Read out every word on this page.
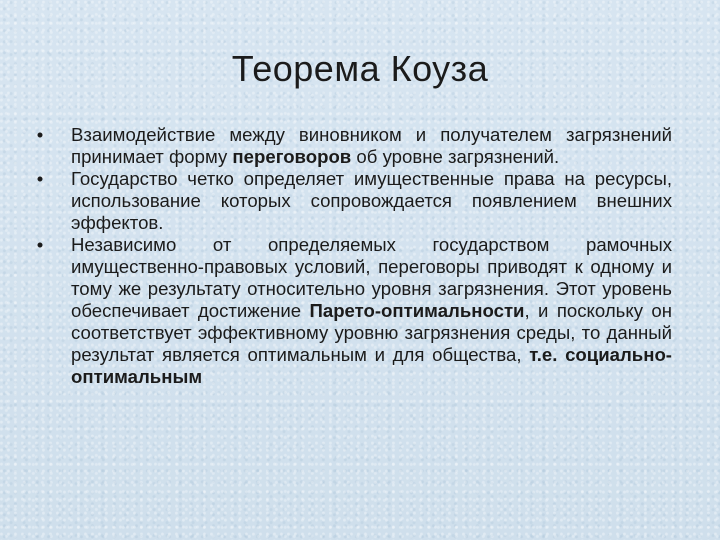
Теорема Коуза
•	Взаимодействие между виновником и получателем загрязнений принимает форму переговоров об уровне загрязнений.
•	Государство четко определяет имущественные права на ресурсы, использование которых сопровождается появлением внешних эффектов.
•	Независимо от определяемых государством рамочных имущественно-правовых условий, переговоры приводят к одному и тому же результату относительно уровня загрязнения. Этот уровень обеспечивает достижение Парето-оптимальности, и поскольку он соответствует эффективному уровню загрязнения среды, то данный результат является оптимальным и для общества, т.е. социально-оптимальным
